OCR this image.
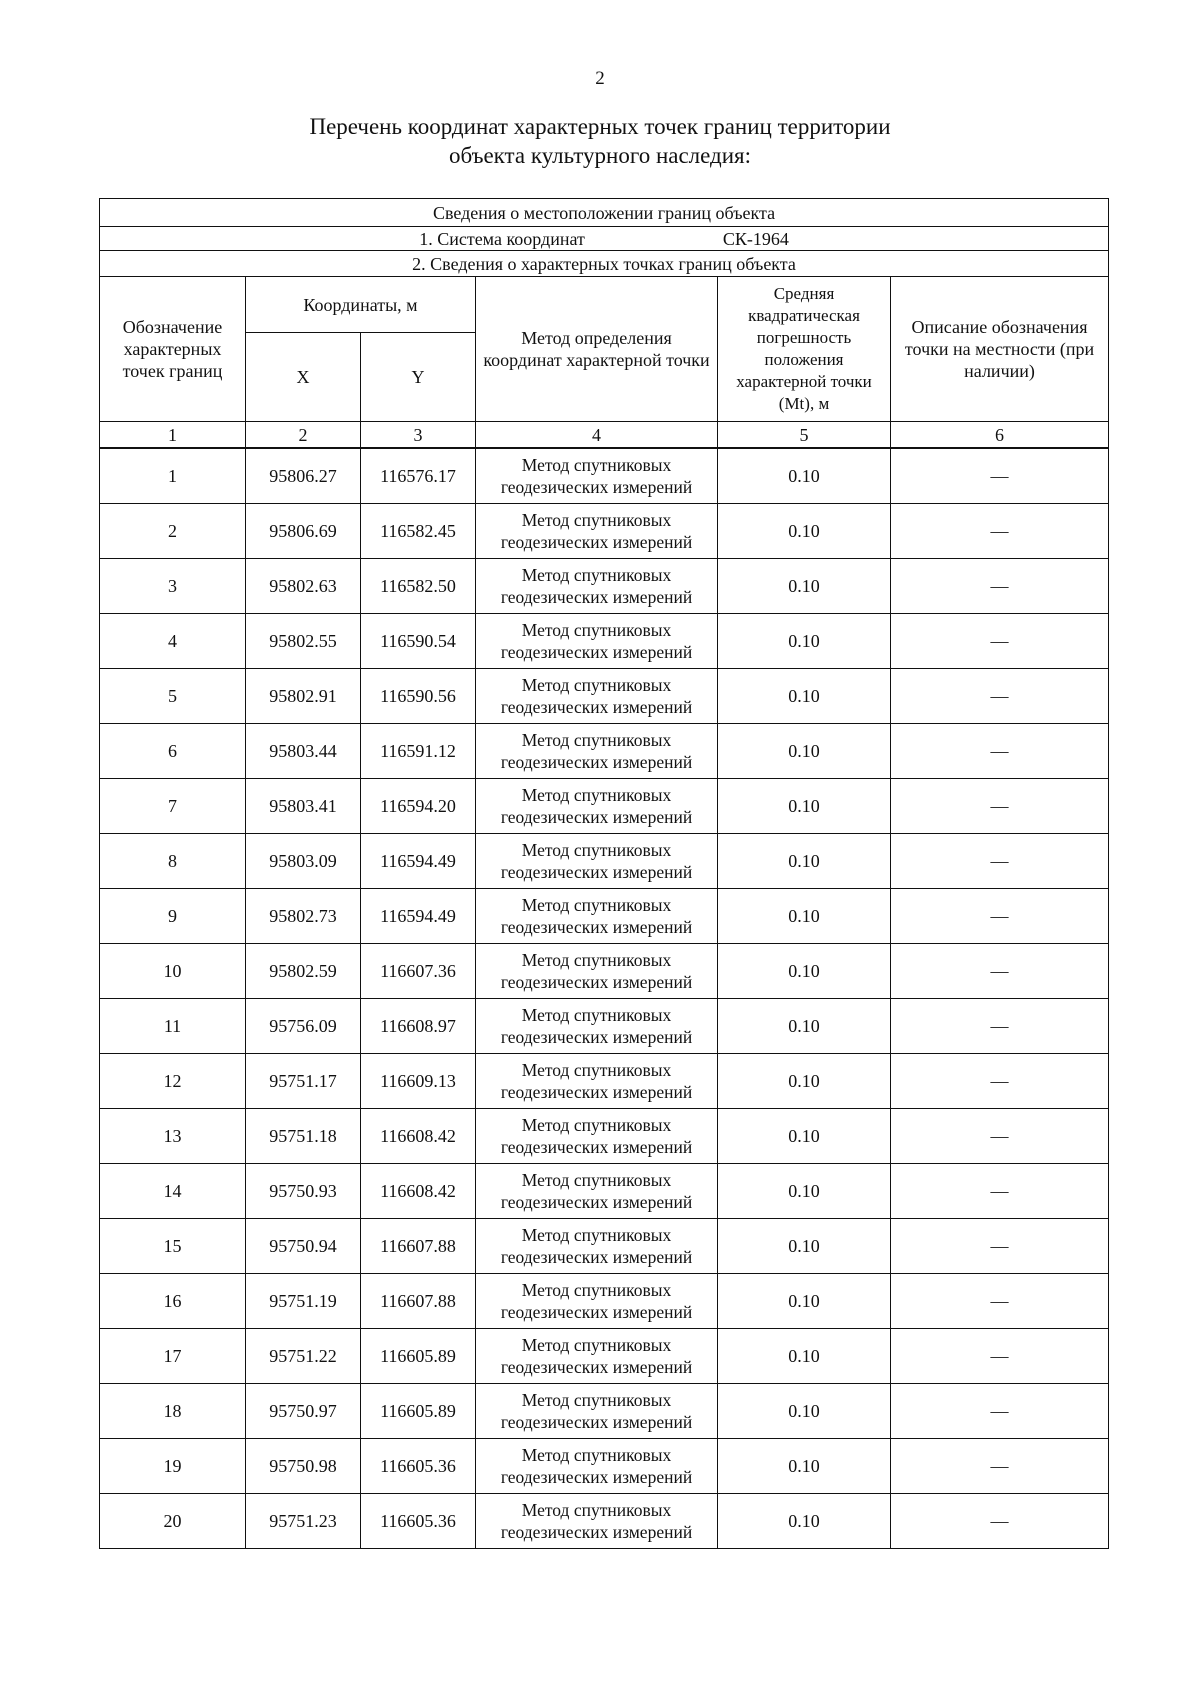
2
Перечень координат характерных точек границ территории
объекта культурного наследия:
Сведения о местоположении границ объекта					
1. Система координат СК-1964					
2. Сведения о характерных точках границ объекта					
Обозначение характерных точек границ	Координаты, м		Метод определения координат характерной точки	Средняя квадратическая погрешность положения характерной точки (Mt), м	Описание обозначения точки на местности (при наличии)
	X	Y			
1	2	3	4	5	6
1	95806.27	116576.17	Метод спутниковых геодезических измерений	0.10	—
2	95806.69	116582.45	Метод спутниковых геодезических измерений	0.10	—
3	95802.63	116582.50	Метод спутниковых геодезических измерений	0.10	—
4	95802.55	116590.54	Метод спутниковых геодезических измерений	0.10	—
5	95802.91	116590.56	Метод спутниковых геодезических измерений	0.10	—
6	95803.44	116591.12	Метод спутниковых геодезических измерений	0.10	—
7	95803.41	116594.20	Метод спутниковых геодезических измерений	0.10	—
8	95803.09	116594.49	Метод спутниковых геодезических измерений	0.10	—
9	95802.73	116594.49	Метод спутниковых геодезических измерений	0.10	—
10	95802.59	116607.36	Метод спутниковых геодезических измерений	0.10	—
11	95756.09	116608.97	Метод спутниковых геодезических измерений	0.10	—
12	95751.17	116609.13	Метод спутниковых геодезических измерений	0.10	—
13	95751.18	116608.42	Метод спутниковых геодезических измерений	0.10	—
14	95750.93	116608.42	Метод спутниковых геодезических измерений	0.10	—
15	95750.94	116607.88	Метод спутниковых геодезических измерений	0.10	—
16	95751.19	116607.88	Метод спутниковых геодезических измерений	0.10	—
17	95751.22	116605.89	Метод спутниковых геодезических измерений	0.10	—
18	95750.97	116605.89	Метод спутниковых геодезических измерений	0.10	—
19	95750.98	116605.36	Метод спутниковых геодезических измерений	0.10	—
20	95751.23	116605.36	Метод спутниковых геодезических измерений	0.10	—
